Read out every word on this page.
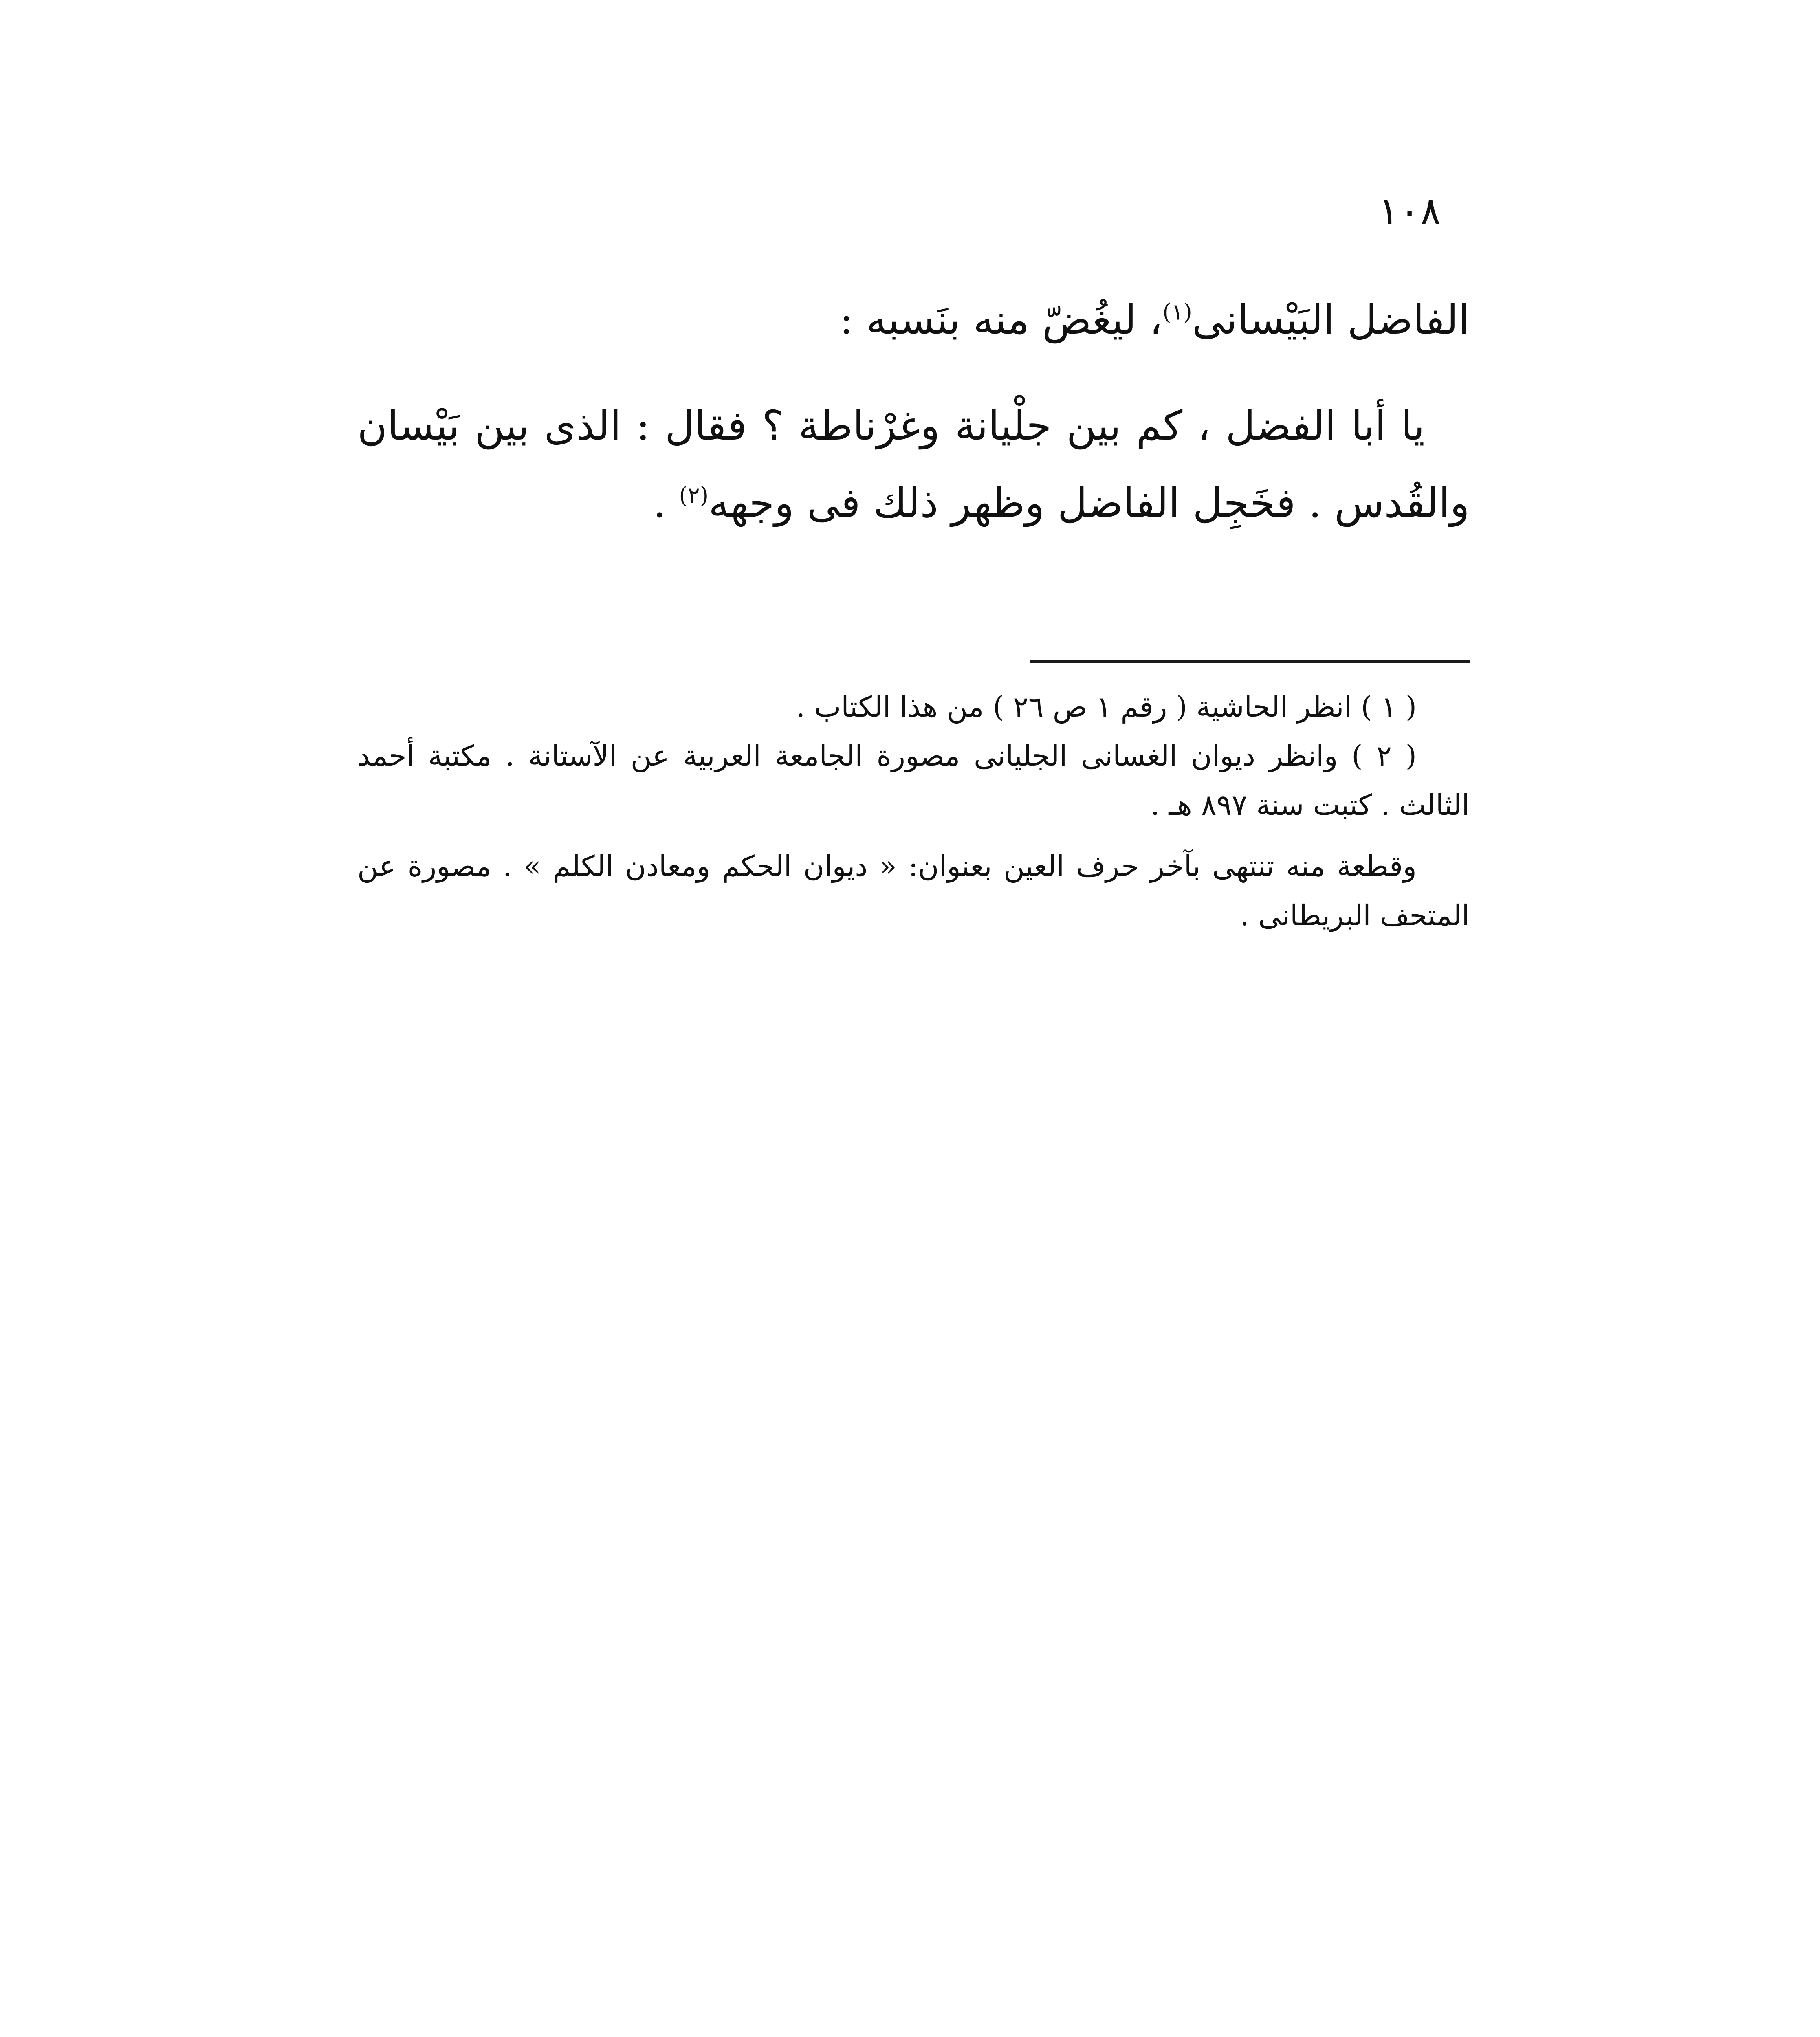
١٠٨

الفاضل البَيْسانى$^{(١)}$، ليغُضّ منه بنَسبه :

يا أبا الفضل ، كم بين جلْيانة وغرْناطة ؟ فقال : الذى بين بَيْسان والقُدس . فخَجِل الفاضل وظهر ذلك فى وجهه$^{(٢)}$ .

( ١ ) انظر الحاشية ( رقم ١ ص ٢٦ ) من هذا الكتاب .

( ٢ ) وانظر ديوان الغسانى الجليانى مصورة الجامعة العربية عن الآستانة . مكتبة أحمد الثالث . كتبت سنة ٨٩٧ هـ .

وقطعة منه تنتهى بآخر حرف العين بعنوان: « ديوان الحكم ومعادن الكلم » . مصورة عن المتحف البريطانى .
